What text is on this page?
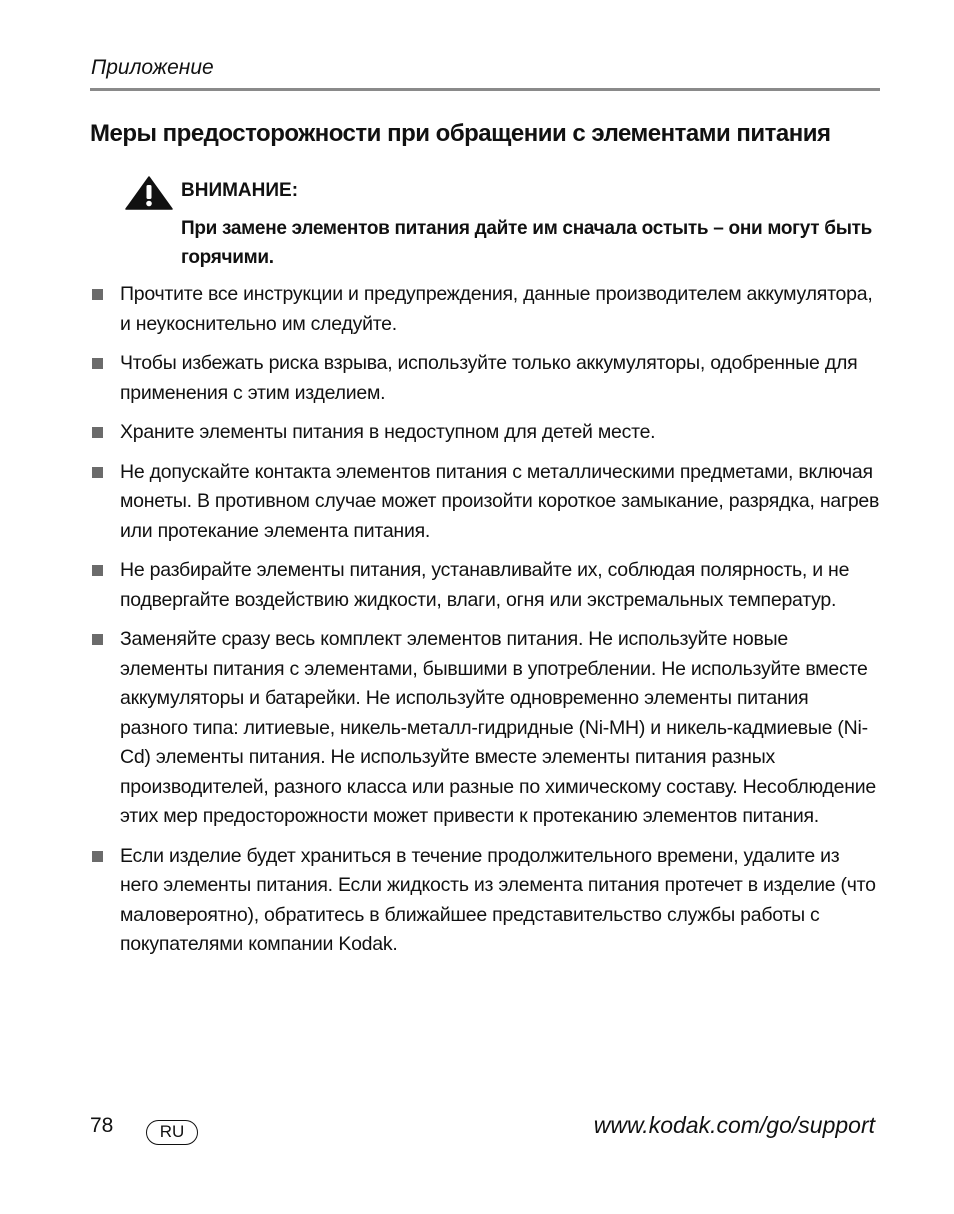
Приложение
Меры предосторожности при обращении с элементами питания
ВНИМАНИЕ:
При замене элементов питания дайте им сначала остыть – они могут быть горячими.
Прочтите все инструкции и предупреждения, данные производителем аккумулятора, и неукоснительно им следуйте.
Чтобы избежать риска взрыва, используйте только аккумуляторы, одобренные для применения с этим изделием.
Храните элементы питания в недоступном для детей месте.
Не допускайте контакта элементов питания с металлическими предметами, включая монеты. В противном случае может произойти короткое замыкание, разрядка, нагрев или протекание элемента питания.
Не разбирайте элементы питания, устанавливайте их, соблюдая полярность, и не подвергайте воздействию жидкости, влаги, огня или экстремальных температур.
Заменяйте сразу весь комплект элементов питания. Не используйте новые элементы питания с элементами, бывшими в употреблении. Не используйте вместе аккумуляторы и батарейки. Не используйте одновременно элементы питания разного типа: литиевые, никель-металл-гидридные (Ni-MH) и никель-кадмиевые (Ni-Cd) элементы питания. Не используйте вместе элементы питания разных производителей, разного класса или разные по химическому составу. Несоблюдение этих мер предосторожности может привести к протеканию элементов питания.
Если изделие будет храниться в течение продолжительного времени, удалите из него элементы питания. Если жидкость из элемента питания протечет в изделие (что маловероятно), обратитесь в ближайшее представительство службы работы с покупателями компании Kodak.
78	RU	www.kodak.com/go/support
